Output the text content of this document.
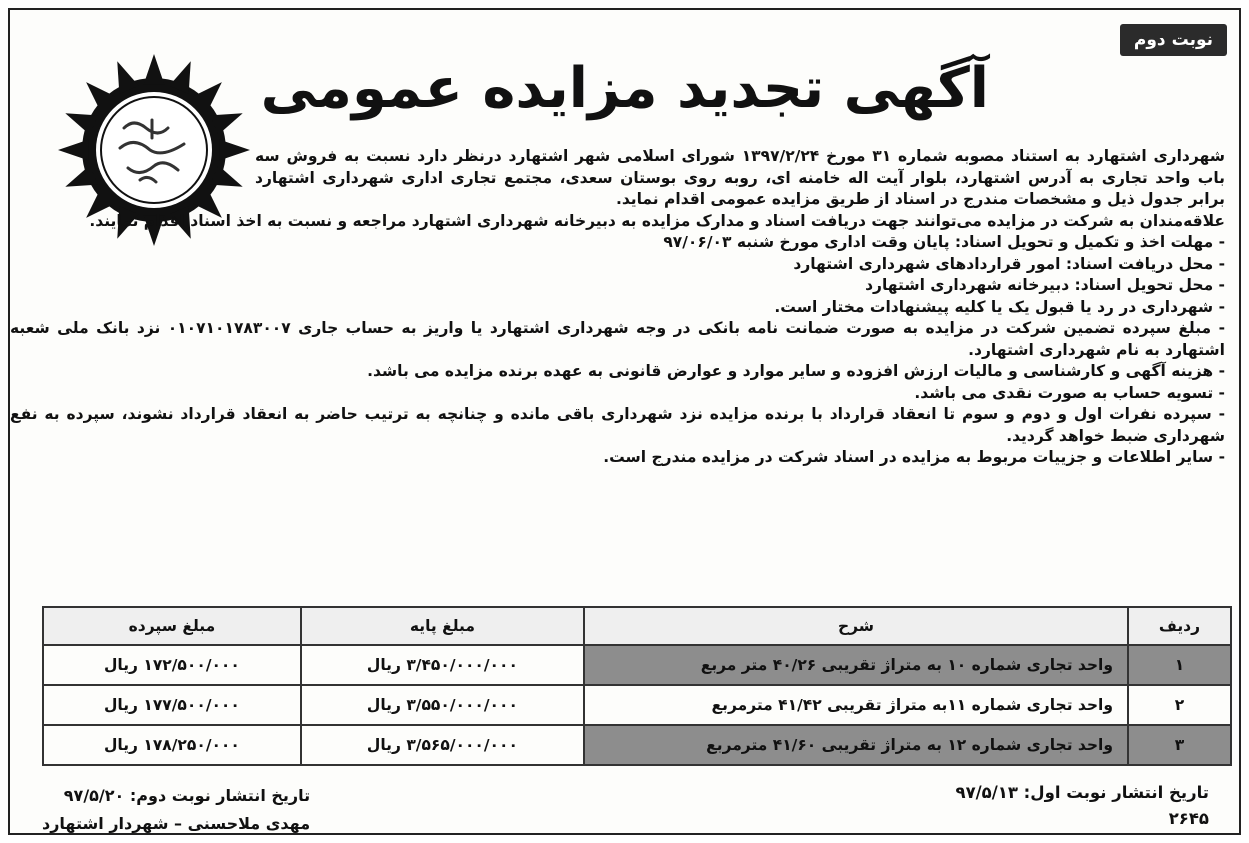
نوبت دوم
آگهی تجدید مزایده عمومی

شهرداری اشتهارد به استناد مصوبه شماره ۳۱ مورخ ۱۳۹۷/۲/۲۴ شورای اسلامی شهر اشتهارد درنظر دارد نسبت به فروش سه باب واحد تجاری به آدرس اشتهارد، بلوار آیت اله خامنه ای، روبه روی بوستان سعدی، مجتمع تجاری اداری شهرداری اشتهارد برابر جدول ذیل و مشخصات مندرج در اسناد از طریق مزایده عمومی اقدام نماید.

علاقه‌مندان به شرکت در مزایده می‌توانند جهت دریافت اسناد و مدارک مزایده به دبیرخانه شهرداری اشتهارد مراجعه و نسبت به اخذ اسناد اقدام نمایند.

- مهلت اخذ و تکمیل و تحویل اسناد: پایان وقت اداری مورخ شنبه ۹۷/۰۶/۰۳

- محل دریافت اسناد: امور قراردادهای شهرداری اشتهارد

- محل تحویل اسناد: دبیرخانه شهرداری اشتهارد

- شهرداری در رد یا قبول یک یا کلیه پیشنهادات مختار است.

- مبلغ سپرده تضمین شرکت در مزایده به صورت ضمانت نامه بانکی در وجه شهرداری اشتهارد یا واریز به حساب جاری ۰۱۰۷۱۰۱۷۸۳۰۰۷ نزد بانک ملی شعبه اشتهارد به نام شهرداری اشتهارد.

- هزینه آگهی و کارشناسی و مالیات ارزش افزوده و سایر موارد و عوارض قانونی به عهده برنده مزایده می باشد.

- تسویه حساب به صورت نقدی می باشد.

- سپرده نفرات اول و دوم و سوم تا انعقاد قرارداد با برنده مزایده نزد شهرداری باقی مانده و چنانچه به ترتیب حاضر به انعقاد قرارداد نشوند، سپرده به نفع شهرداری ضبط خواهد گردید.

- سایر اطلاعات و جزییات مربوط به مزایده در اسناد شرکت در مزایده مندرج است.

ردیف	شرح	مبلغ پایه	مبلغ سپرده
۱	واحد تجاری شماره ۱۰ به متراژ تقریبی ۴۰/۲۶ متر مربع	۳/۴۵۰/۰۰۰/۰۰۰ ریال	۱۷۲/۵۰۰/۰۰۰ ریال
۲	واحد تجاری شماره ۱۱به متراژ تقریبی ۴۱/۴۲ مترمربع	۳/۵۵۰/۰۰۰/۰۰۰ ریال	۱۷۷/۵۰۰/۰۰۰ ریال
۳	واحد تجاری شماره ۱۲ به متراژ تقریبی ۴۱/۶۰ مترمربع	۳/۵۶۵/۰۰۰/۰۰۰ ریال	۱۷۸/۲۵۰/۰۰۰ ریال
تاریخ انتشار نوبت اول: ۹۷/۵/۱۳
۲۶۴۵
تاریخ انتشار نوبت دوم: ۹۷/۵/۲۰
مهدی ملاحسنی – شهردار اشتهارد
